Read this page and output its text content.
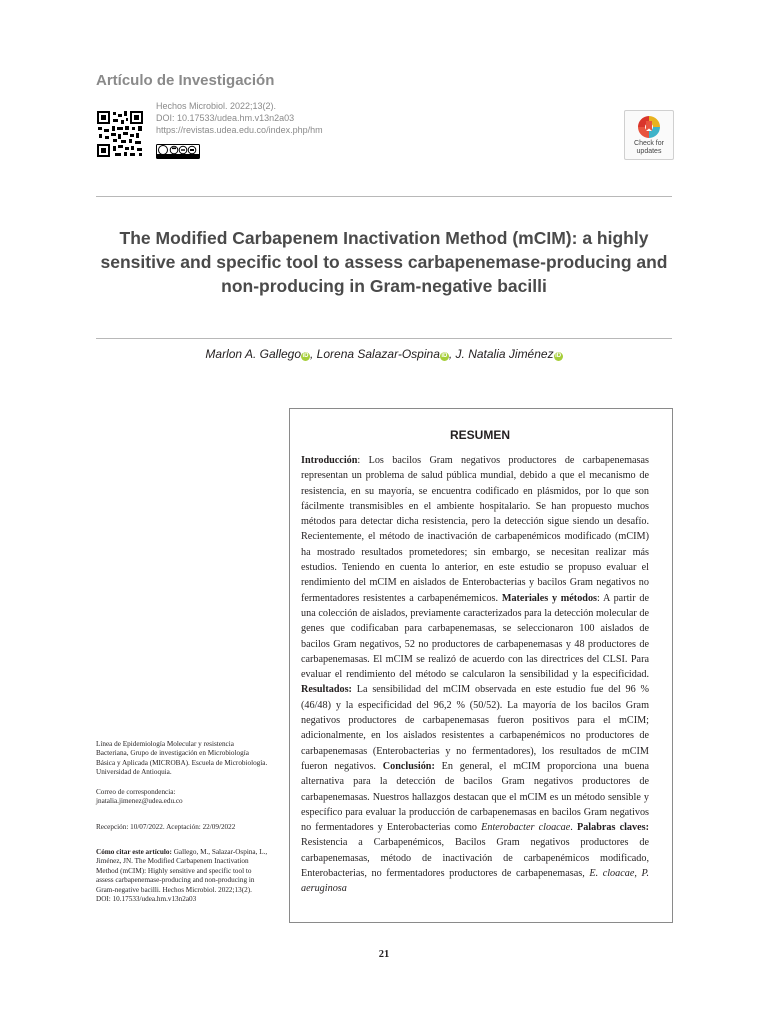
Artículo de Investigación
Hechos Microbiol. 2022;13(2).
DOI: 10.17533/udea.hm.v13n2a03
https://revistas.udea.edu.co/index.php/hm
Check for
updates
The Modified Carbapenem Inactivation Method (mCIM): a highly sensitive and specific tool to assess carbapenemase-producing and non-producing in Gram-negative bacilli
Marlon A. Gallego iD , Lorena Salazar-Ospina iD , J. Natalia Jiménez iD
RESUMEN
Introducción: Los bacilos Gram negativos productores de carbapenemasas representan un problema de salud pública mundial, debido a que el mecanismo de resistencia, en su mayoría, se encuentra codificado en plásmidos, por lo que son fácilmente transmisibles en el ambiente hospitalario. Se han propuesto muchos métodos para detectar dicha resistencia, pero la detección sigue siendo un desafío. Recientemente, el método de inactivación de carbapenémicos modificado (mCIM) ha mostrado resultados prometedores; sin embargo, se necesitan realizar más estudios. Teniendo en cuenta lo anterior, en este estudio se propuso evaluar el rendimiento del mCIM en aislados de Enterobacterias y bacilos Gram negativos no fermentadores resistentes a carbapenémemicos. Materiales y métodos: A partir de una colección de aislados, previamente caracterizados para la detección molecular de genes que codificaban para carbapenemasas, se seleccionaron 100 aislados de bacilos Gram negativos, 52 no productores de carbapenemasas y 48 productores de carbapenemasas. El mCIM se realizó de acuerdo con las directrices del CLSI. Para evaluar el rendimiento del método se calcularon la sensibilidad y la especificidad. Resultados: La sensibilidad del mCIM observada en este estudio fue del 96 % (46/48) y la especificidad del 96,2 % (50/52). La mayoría de los bacilos Gram negativos productores de carbapenemasas fueron positivos para el mCIM; adicionalmente, en los aislados resistentes a carbapenémicos no productores de carbapenemasas (Enterobacterias y no fermentadores), los resultados de mCIM fueron negativos. Conclusión: En general, el mCIM proporciona una buena alternativa para la detección de bacilos Gram negativos productores de carbapenemasas. Nuestros hallazgos destacan que el mCIM es un método sensible y específico para evaluar la producción de carbapenemasas en bacilos Gram negativos no fermentadores y Enterobacterias como Enterobacter cloacae. Palabras claves: Resistencia a Carbapenémicos, Bacilos Gram negativos productores de carbapenemasas, método de inactivación de carbapenémicos modificado, Enterobacterias, no fermentadores productores de carbapenemasas, E. cloacae, P. aeruginosa
Línea de Epidemiología Molecular y resistencia Bacteriana, Grupo de investigación en Microbiología Básica y Aplicada (MICROBA). Escuela de Microbiología. Universidad de Antioquia.
Correo de correspondencia:
jnatalia.jimenez@udea.edu.co
Recepción: 10/07/2022. Aceptación: 22/09/2022
Cómo citar este artículo: Gallego, M., Salazar-Ospina, L., Jiménez, JN. The Modified Carbapenem Inactivation Method (mCIM): Highly sensitive and specific tool to assess carbapenemase-producing and non-producing in Gram-negative bacilli. Hechos Microbiol. 2022;13(2). DOI: 10.17533/udea.hm.v13n2a03
21
